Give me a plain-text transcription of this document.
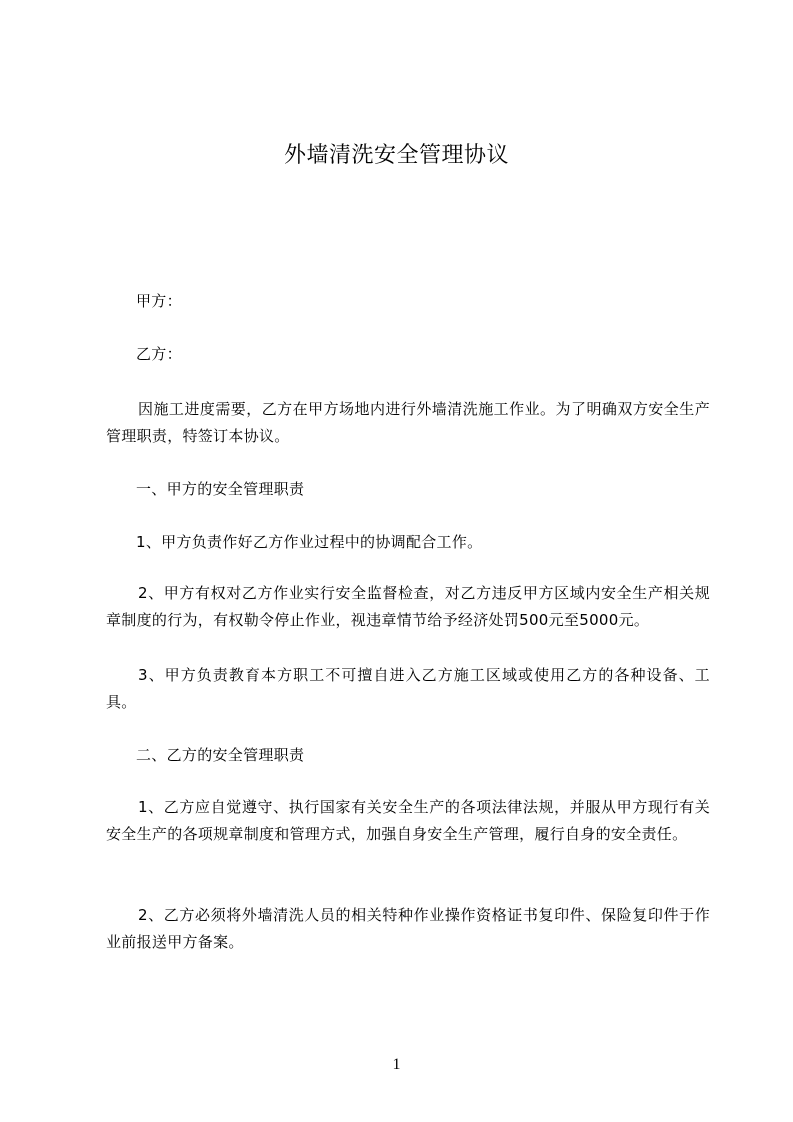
外墙清洗安全管理协议
甲方：
乙方：
因施工进度需要，乙方在甲方场地内进行外墙清洗施工作业。为了明确双方安全生产管理职责，特签订本协议。
一、甲方的安全管理职责
1、甲方负责作好乙方作业过程中的协调配合工作。
2、甲方有权对乙方作业实行安全监督检查，对乙方违反甲方区域内安全生产相关规章制度的行为，有权勒令停止作业，视违章情节给予经济处罚500元至5000元。
3、甲方负责教育本方职工不可擅自进入乙方施工区域或使用乙方的各种设备、工具。
二、乙方的安全管理职责
1、乙方应自觉遵守、执行国家有关安全生产的各项法律法规，并服从甲方现行有关安全生产的各项规章制度和管理方式，加强自身安全生产管理，履行自身的安全责任。
2、乙方必须将外墙清洗人员的相关特种作业操作资格证书复印件、保险复印件于作业前报送甲方备案。
1
